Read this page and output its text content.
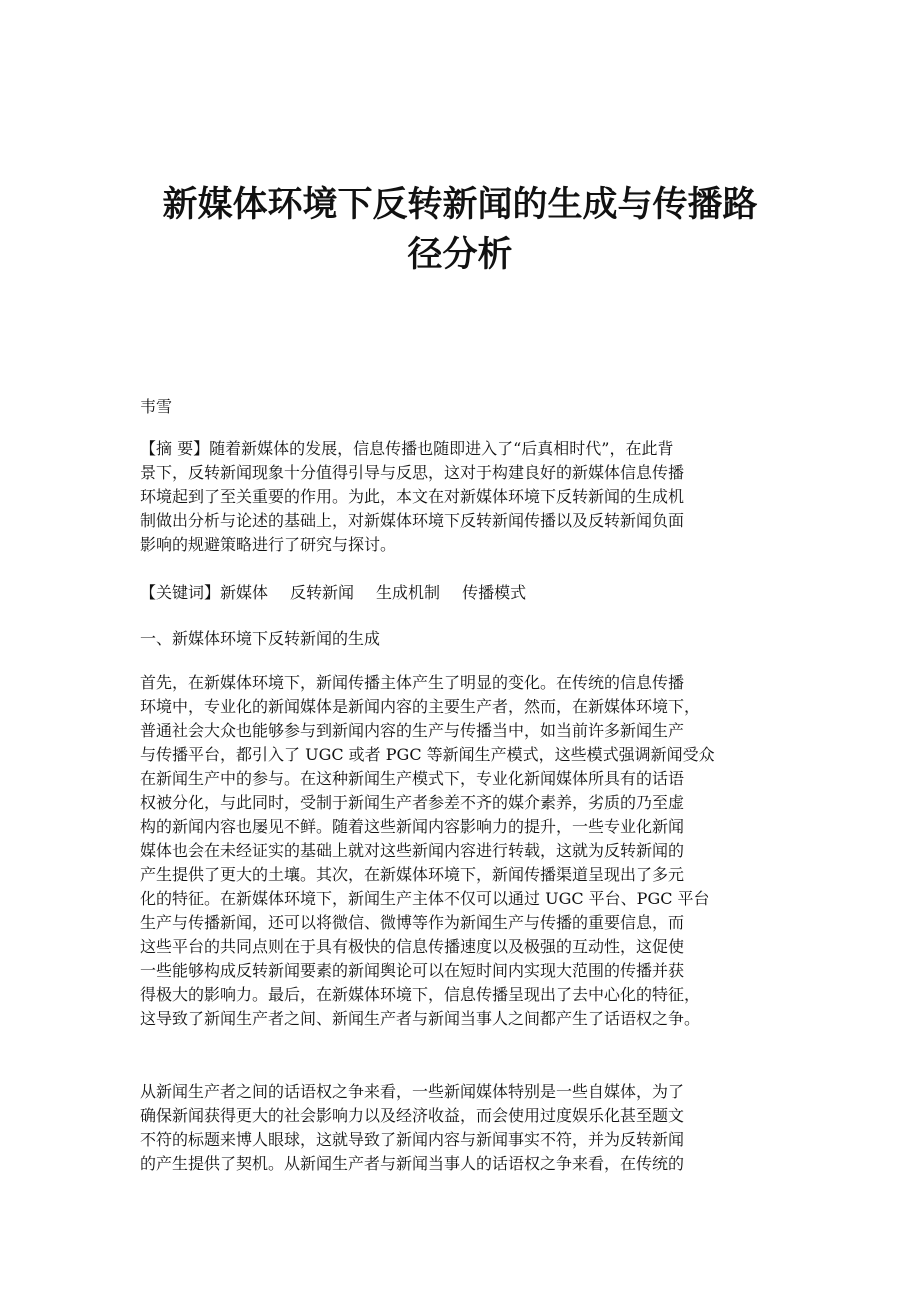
新媒体环境下反转新闻的生成与传播路
径分析

韦雪

【摘 要】随着新媒体的发展，信息传播也随即进入了“后真相时代”，在此背
景下，反转新闻现象十分值得引导与反思，这对于构建良好的新媒体信息传播
环境起到了至关重要的作用。为此，本文在对新媒体环境下反转新闻的生成机
制做出分析与论述的基础上，对新媒体环境下反转新闻传播以及反转新闻负面
影响的规避策略进行了研究与探讨。

【关键词】新媒体 反转新闻 生成机制 传播模式

一、新媒体环境下反转新闻的生成

首先，在新媒体环境下，新闻传播主体产生了明显的变化。在传统的信息传播
环境中，专业化的新闻媒体是新闻内容的主要生产者，然而，在新媒体环境下，
普通社会大众也能够参与到新闻内容的生产与传播当中，如当前许多新闻生产
与传播平台，都引入了 UGC 或者 PGC 等新闻生产模式，这些模式强调新闻受众
在新闻生产中的参与。在这种新闻生产模式下，专业化新闻媒体所具有的话语
权被分化，与此同时，受制于新闻生产者参差不齐的媒介素养，劣质的乃至虚
构的新闻内容也屡见不鲜。随着这些新闻内容影响力的提升，一些专业化新闻
媒体也会在未经证实的基础上就对这些新闻内容进行转载，这就为反转新闻的
产生提供了更大的土壤。其次，在新媒体环境下，新闻传播渠道呈现出了多元
化的特征。在新媒体环境下，新闻生产主体不仅可以通过 UGC 平台、PGC 平台
生产与传播新闻，还可以将微信、微博等作为新闻生产与传播的重要信息，而
这些平台的共同点则在于具有极快的信息传播速度以及极强的互动性，这促使
一些能够构成反转新闻要素的新闻舆论可以在短时间内实现大范围的传播并获
得极大的影响力。最后，在新媒体环境下，信息传播呈现出了去中心化的特征，
这导致了新闻生产者之间、新闻生产者与新闻当事人之间都产生了话语权之争。
从新闻生产者之间的话语权之争来看，一些新闻媒体特别是一些自媒体，为了
确保新闻获得更大的社会影响力以及经济收益，而会使用过度娱乐化甚至题文
不符的标题来博人眼球，这就导致了新闻内容与新闻事实不符，并为反转新闻
的产生提供了契机。从新闻生产者与新闻当事人的话语权之争来看，在传统的
